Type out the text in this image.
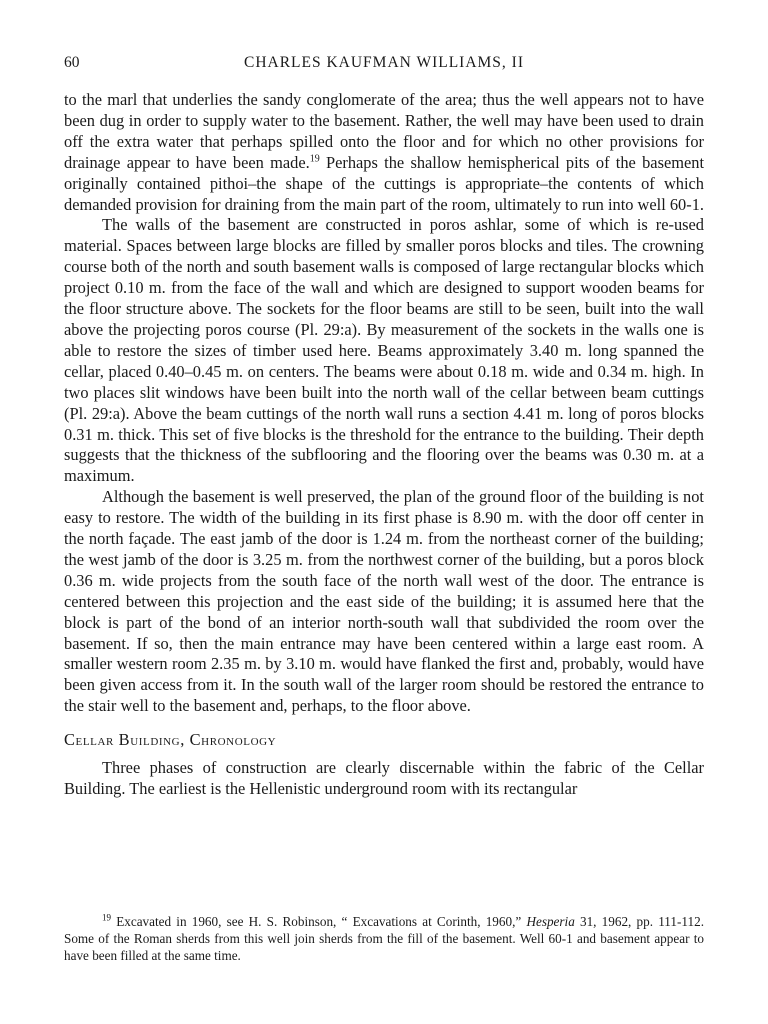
60	CHARLES KAUFMAN WILLIAMS, II

to the marl that underlies the sandy conglomerate of the area; thus the well appears not to have been dug in order to supply water to the basement. Rather, the well may have been used to drain off the extra water that perhaps spilled onto the floor and for which no other provisions for drainage appear to have been made.$^{19}$ Perhaps the shallow hemispherical pits of the basement originally contained pithoi–the shape of the cuttings is appropriate–the contents of which demanded provision for draining from the main part of the room, ultimately to run into well 60-1.

The walls of the basement are constructed in poros ashlar, some of which is re-used material. Spaces between large blocks are filled by smaller poros blocks and tiles. The crowning course both of the north and south basement walls is composed of large rectangular blocks which project 0.10 m. from the face of the wall and which are designed to support wooden beams for the floor structure above. The sockets for the floor beams are still to be seen, built into the wall above the projecting poros course (Pl. 29:a). By measurement of the sockets in the walls one is able to restore the sizes of timber used here. Beams approximately 3.40 m. long spanned the cellar, placed 0.40–0.45 m. on centers. The beams were about 0.18 m. wide and 0.34 m. high. In two places slit windows have been built into the north wall of the cellar between beam cuttings (Pl. 29:a). Above the beam cuttings of the north wall runs a section 4.41 m. long of poros blocks 0.31 m. thick. This set of five blocks is the threshold for the entrance to the building. Their depth suggests that the thickness of the subflooring and the flooring over the beams was 0.30 m. at a maximum.

Although the basement is well preserved, the plan of the ground floor of the building is not easy to restore. The width of the building in its first phase is 8.90 m. with the door off center in the north façade. The east jamb of the door is 1.24 m. from the northeast corner of the building; the west jamb of the door is 3.25 m. from the northwest corner of the building, but a poros block 0.36 m. wide projects from the south face of the north wall west of the door. The entrance is centered between this projection and the east side of the building; it is assumed here that the block is part of the bond of an interior north-south wall that subdivided the room over the basement. If so, then the main entrance may have been centered within a large east room. A smaller western room 2.35 m. by 3.10 m. would have flanked the first and, probably, would have been given access from it. In the south wall of the larger room should be restored the entrance to the stair well to the basement and, perhaps, to the floor above.

Cellar Building, Chronology

Three phases of construction are clearly discernable within the fabric of the Cellar Building. The earliest is the Hellenistic underground room with its rectangular

$^{19}$ Excavated in 1960, see H. S. Robinson, “ Excavations at Corinth, 1960,” Hesperia 31, 1962, pp. 111-112. Some of the Roman sherds from this well join sherds from the fill of the basement. Well 60-1 and basement appear to have been filled at the same time.
